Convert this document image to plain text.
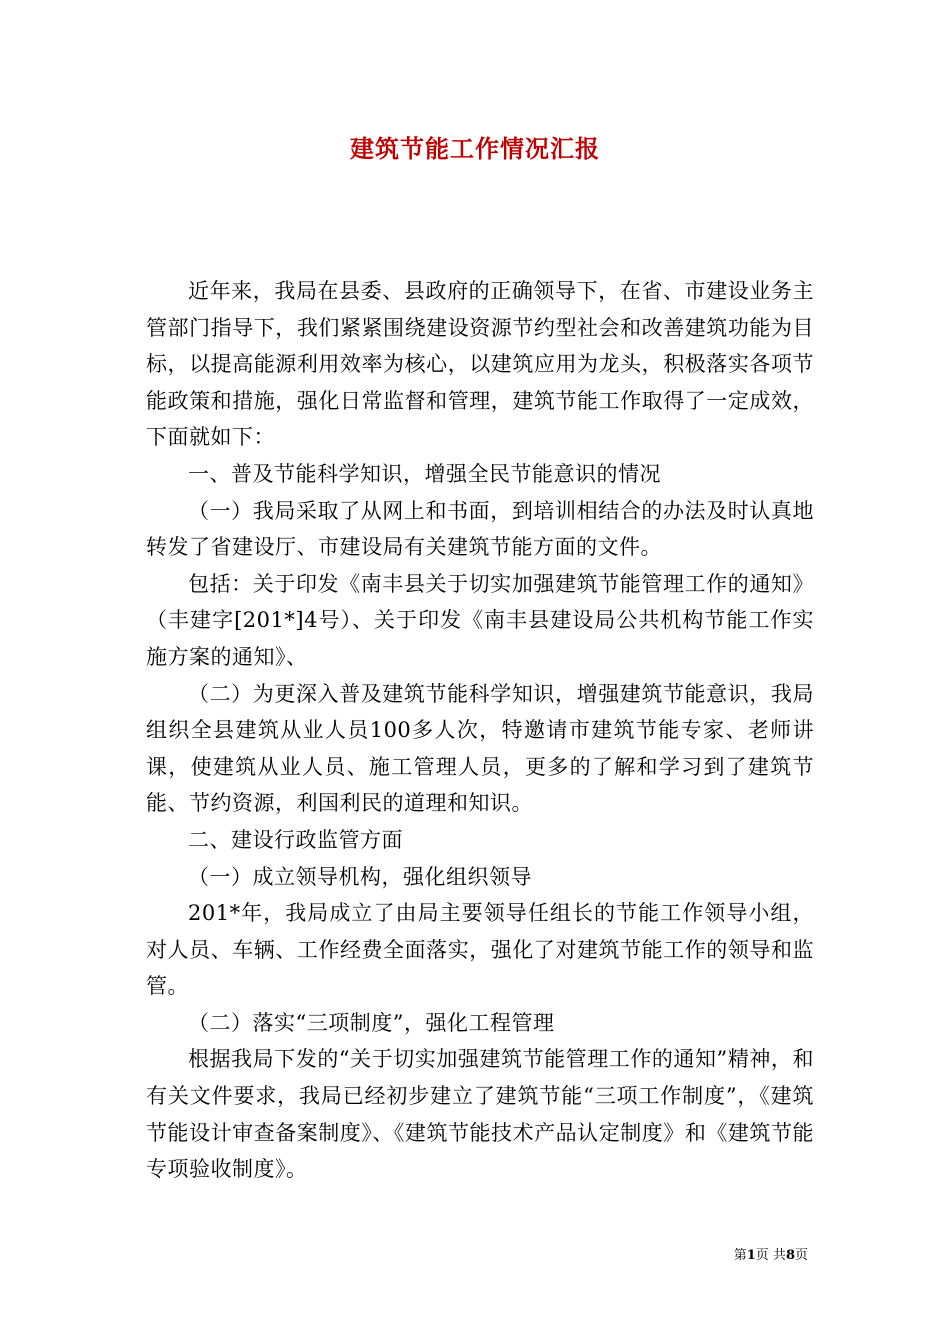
建筑节能工作情况汇报

近年来，我局在县委、县政府的正确领导下，在省、市建设业务主管部门指导下，我们紧紧围绕建设资源节约型社会和改善建筑功能为目标，以提高能源利用效率为核心，以建筑应用为龙头，积极落实各项节能政策和措施，强化日常监督和管理，建筑节能工作取得了一定成效，下面就如下：

一、普及节能科学知识，增强全民节能意识的情况

（一）我局采取了从网上和书面，到培训相结合的办法及时认真地转发了省建设厅、市建设局有关建筑节能方面的文件。

包括：关于印发《南丰县关于切实加强建筑节能管理工作的通知》（丰建字[201*]4号）、关于印发《南丰县建设局公共机构节能工作实施方案的通知》、

（二）为更深入普及建筑节能科学知识，增强建筑节能意识，我局组织全县建筑从业人员100多人次，特邀请市建筑节能专家、老师讲课，使建筑从业人员、施工管理人员，更多的了解和学习到了建筑节能、节约资源，利国利民的道理和知识。

二、建设行政监管方面

（一）成立领导机构，强化组织领导

201*年，我局成立了由局主要领导任组长的节能工作领导小组，对人员、车辆、工作经费全面落实，强化了对建筑节能工作的领导和监管。

（二）落实“三项制度”，强化工程管理

根据我局下发的“关于切实加强建筑节能管理工作的通知”精神，和有关文件要求，我局已经初步建立了建筑节能“三项工作制度”，《建筑节能设计审查备案制度》、《建筑节能技术产品认定制度》和《建筑节能专项验收制度》。

第1页 共8页
